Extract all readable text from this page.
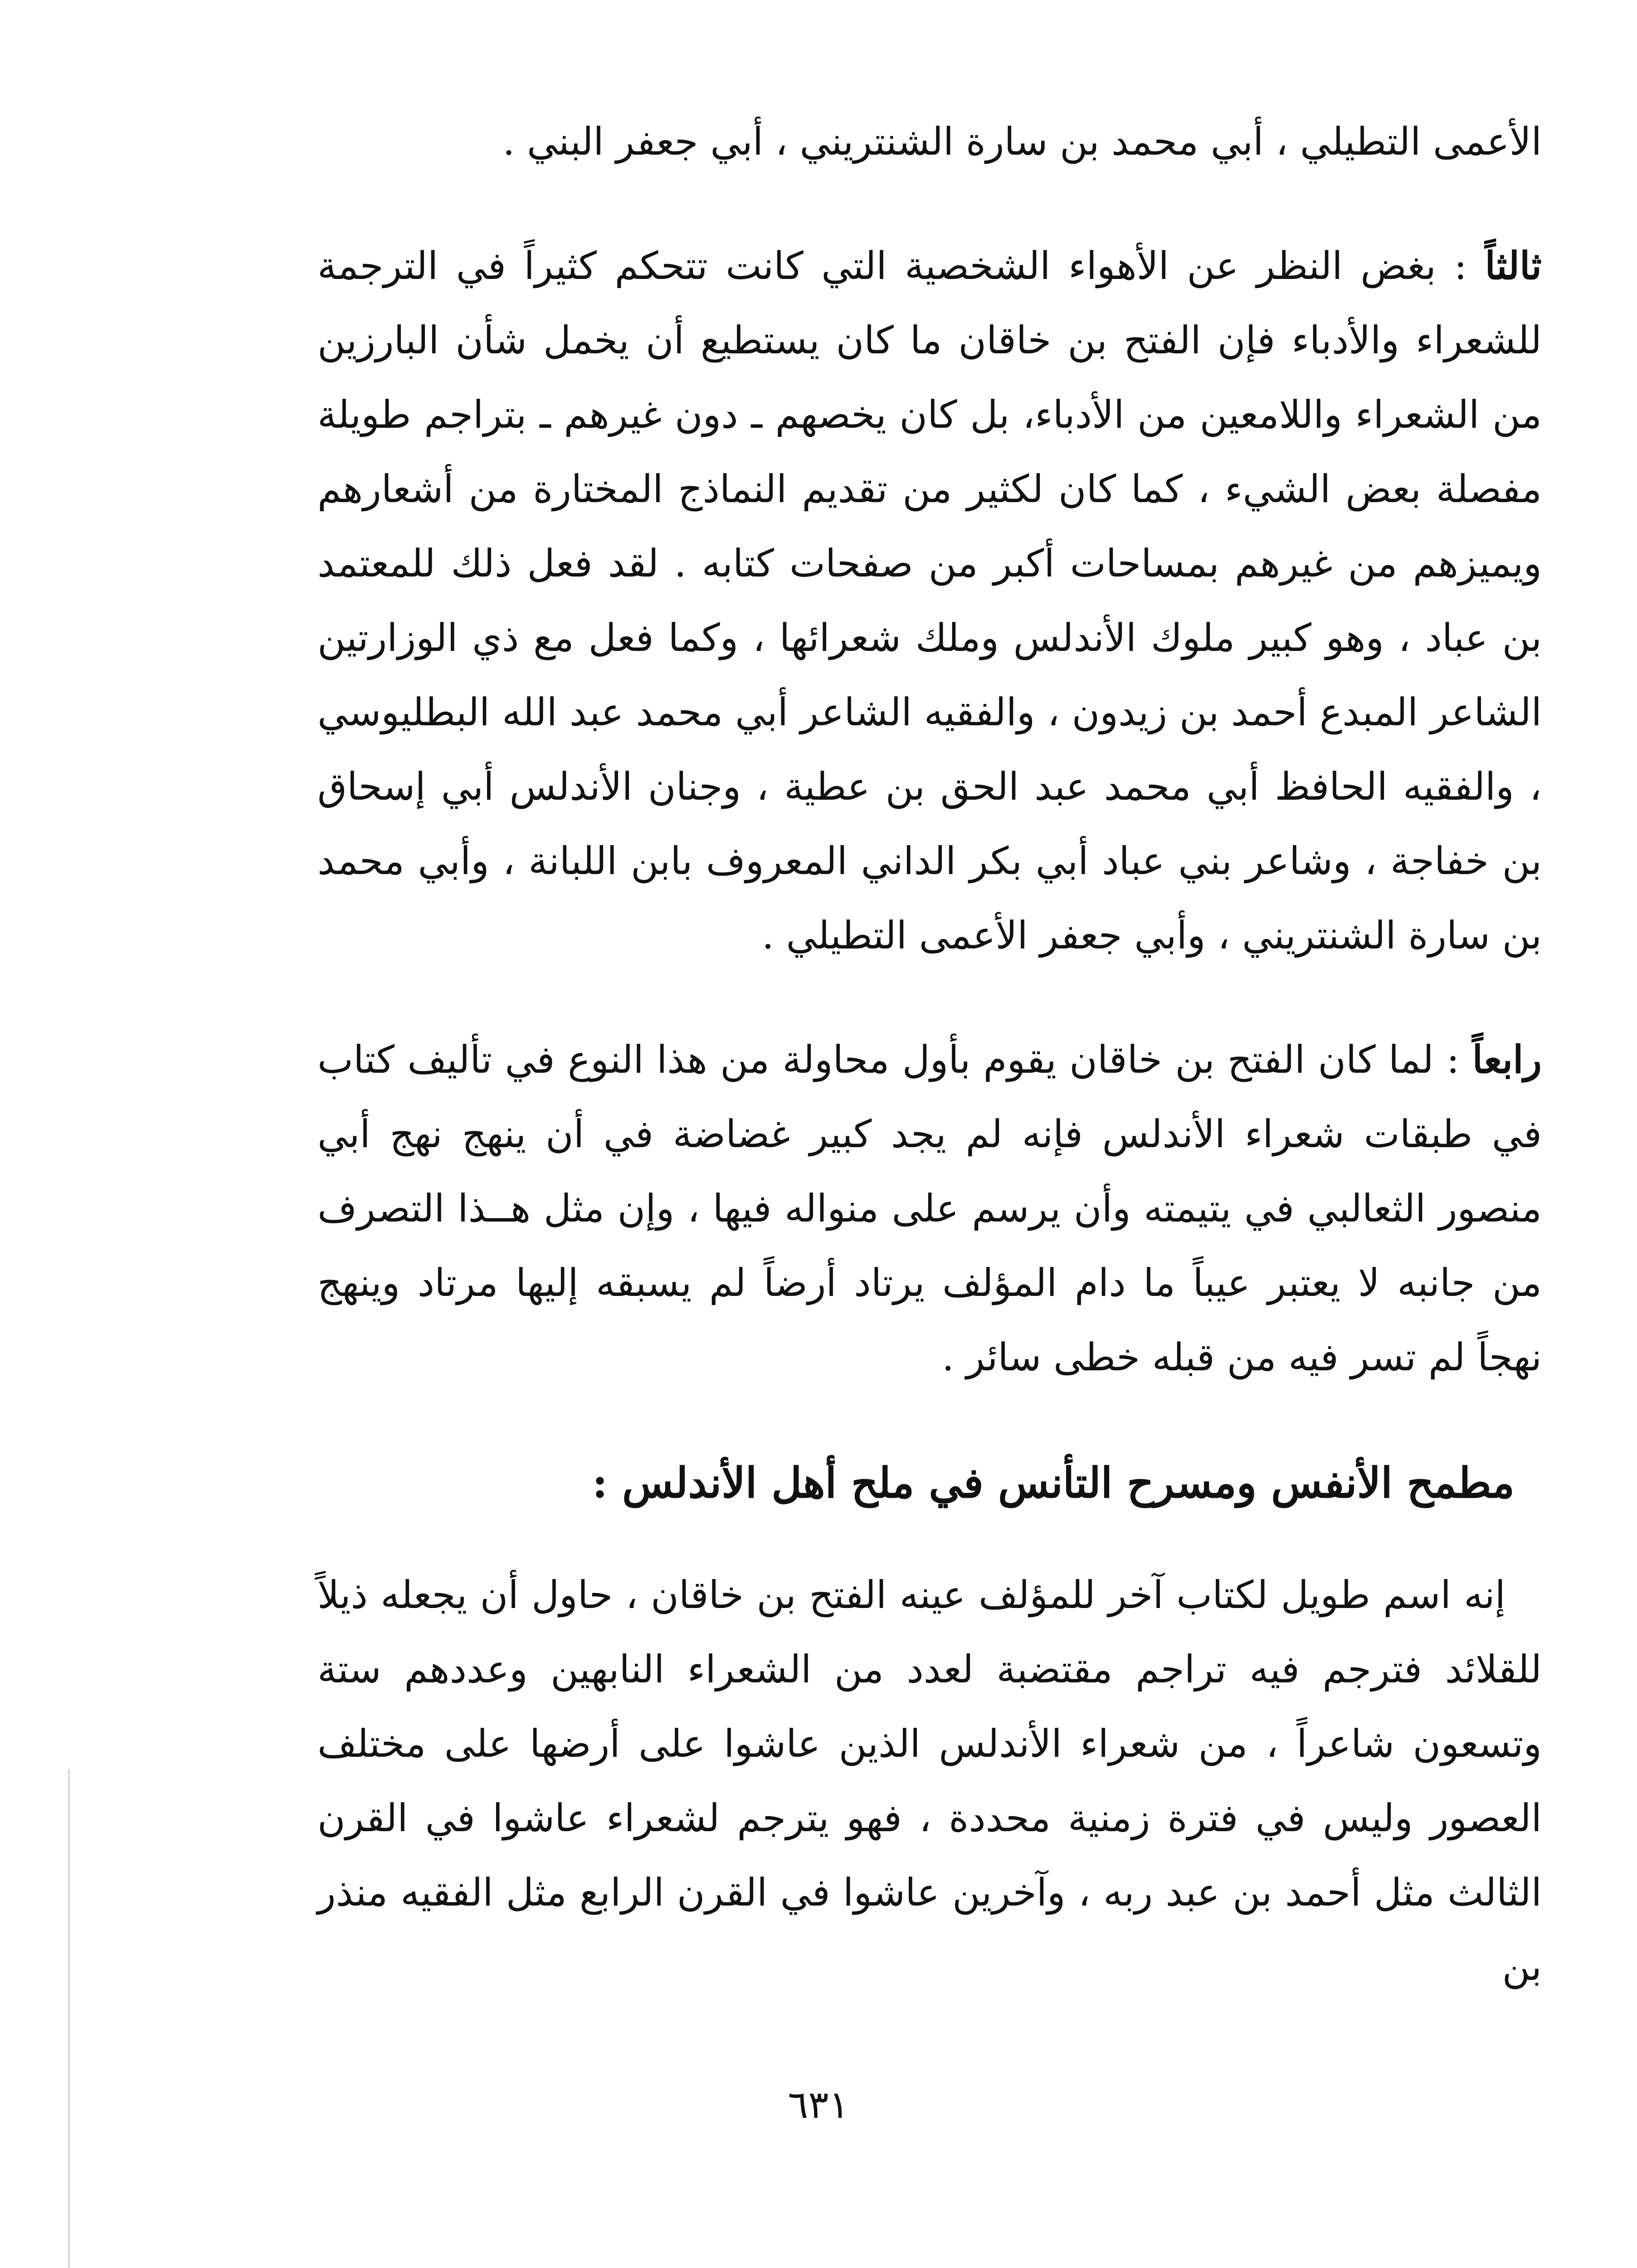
الأعمى التطيلي ، أبي محمد بن سارة الشنتريني ، أبي جعفر البني .

ثالثاً : بغض النظر عن الأهواء الشخصية التي كانت تتحكم كثيراً في الترجمة للشعراء والأدباء فإن الفتح بن خاقان ما كان يستطيع أن يخمل شأن البارزين من الشعراء واللامعين من الأدباء، بل كان يخصهم ـ دون غيرهم ـ بتراجم طويلة مفصلة بعض الشيء ، كما كان لكثير من تقديم النماذج المختارة من أشعارهم ويميزهم من غيرهم بمساحات أكبر من صفحات كتابه . لقد فعل ذلك للمعتمد بن عباد ، وهو كبير ملوك الأندلس وملك شعرائها ، وكما فعل مع ذي الوزارتين الشاعر المبدع أحمد بن زيدون ، والفقيه الشاعر أبي محمد عبد الله البطليوسي ، والفقيه الحافظ أبي محمد عبد الحق بن عطية ، وجنان الأندلس أبي إسحاق بن خفاجة ، وشاعر بني عباد أبي بكر الداني المعروف بابن اللبانة ، وأبي محمد بن سارة الشنتريني ، وأبي جعفر الأعمى التطيلي .

رابعاً : لما كان الفتح بن خاقان يقوم بأول محاولة من هذا النوع في تأليف كتاب في طبقات شعراء الأندلس فإنه لم يجد كبير غضاضة في أن ينهج نهج أبي منصور الثعالبي في يتيمته وأن يرسم على منواله فيها ، وإن مثل هــذا التصرف من جانبه لا يعتبر عيباً ما دام المؤلف يرتاد أرضاً لم يسبقه إليها مرتاد وينهج نهجاً لم تسر فيه من قبله خطى سائر .

مطمح الأنفس ومسرح التأنس في ملح أهل الأندلس :

إنه اسم طويل لكتاب آخر للمؤلف عينه الفتح بن خاقان ، حاول أن يجعله ذيلاً للقلائد فترجم فيه تراجم مقتضبة لعدد من الشعراء النابهين وعددهم ستة وتسعون شاعراً ، من شعراء الأندلس الذين عاشوا على أرضها على مختلف العصور وليس في فترة زمنية محددة ، فهو يترجم لشعراء عاشوا في القرن الثالث مثل أحمد بن عبد ربه ، وآخرين عاشوا في القرن الرابع مثل الفقيه منذر بن

٦٣١
